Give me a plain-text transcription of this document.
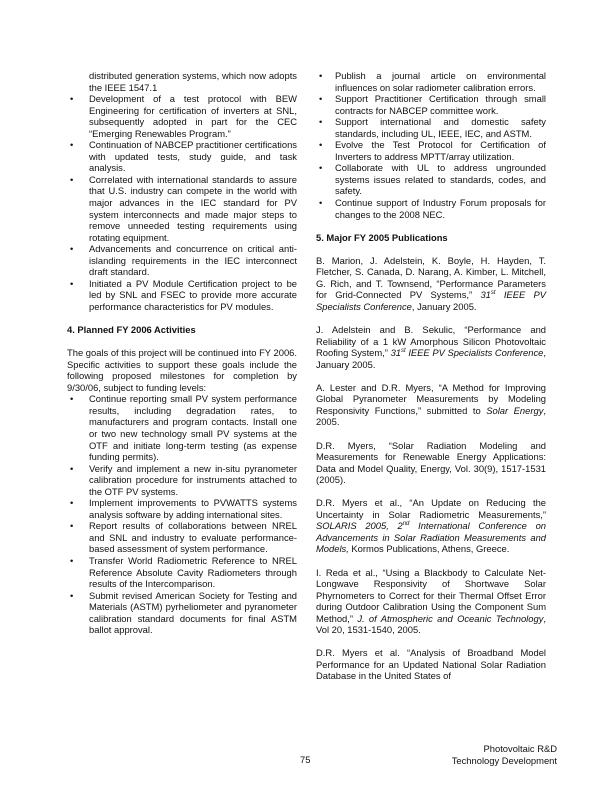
distributed generation systems, which now adopts the IEEE 1547.1

• Development of a test protocol with BEW Engineering for certification of inverters at SNL, subsequently adopted in part for the CEC “Emerging Renewables Program.”
• Continuation of NABCEP practitioner certifications with updated tests, study guide, and task analysis.
• Correlated with international standards to assure that U.S. industry can compete in the world with major advances in the IEC standard for PV system interconnects and made major steps to remove unneeded testing requirements using rotating equipment.
• Advancements and concurrence on critical anti-islanding requirements in the IEC interconnect draft standard.
• Initiated a PV Module Certification project to be led by SNL and FSEC to provide more accurate performance characteristics for PV modules.
4. Planned FY 2006 Activities

The goals of this project will be continued into FY 2006. Specific activities to support these goals include the following proposed milestones for completion by 9/30/06, subject to funding levels:

• Continue reporting small PV system performance results, including degradation rates, to manufacturers and program contacts. Install one or two new technology small PV systems at the OTF and initiate long-term testing (as expense funding permits).
• Verify and implement a new in-situ pyranometer calibration procedure for instruments attached to the OTF PV systems.
• Implement improvements to PVWATTS systems analysis software by adding international sites.
• Report results of collaborations between NREL and SNL and industry to evaluate performance-based assessment of system performance.
• Transfer World Radiometric Reference to NREL Reference Absolute Cavity Radiometers through results of the Intercomparison.
• Submit revised American Society for Testing and Materials (ASTM) pyrheliometer and pyranometer calibration standard documents for final ASTM ballot approval.
• Publish a journal article on environmental influences on solar radiometer calibration errors.
• Support Practitioner Certification through small contracts for NABCEP committee work.
• Support international and domestic safety standards, including UL, IEEE, IEC, and ASTM.
• Evolve the Test Protocol for Certification of Inverters to address MPTT/array utilization.
• Collaborate with UL to address ungrounded systems issues related to standards, codes, and safety.
• Continue support of Industry Forum proposals for changes to the 2008 NEC.
5. Major FY 2005 Publications

B. Marion, J. Adelstein, K. Boyle, H. Hayden, T. Fletcher, S. Canada, D. Narang, A. Kimber, L. Mitchell, G. Rich, and T. Townsend, “Performance Parameters for Grid-Connected PV Systems,” 31st IEEE PV Specialists Conference, January 2005.

J. Adelstein and B. Sekulic, “Performance and Reliability of a 1 kW Amorphous Silicon Photovoltaic Roofing System,” 31st IEEE PV Specialists Conference, January 2005.

A. Lester and D.R. Myers, “A Method for Improving Global Pyranometer Measurements by Modeling Responsivity Functions,” submitted to Solar Energy, 2005.

D.R. Myers, “Solar Radiation Modeling and Measurements for Renewable Energy Applications: Data and Model Quality, Energy, Vol. 30(9), 1517-1531 (2005).

D.R. Myers et al., “An Update on Reducing the Uncertainty in Solar Radiometric Measurements,” SOLARIS 2005, 2nd International Conference on Advancements in Solar Radiation Measurements and Models, Kormos Publications, Athens, Greece.

I. Reda et al., “Using a Blackbody to Calculate Net-Longwave Responsivity of Shortwave Solar Phyrnometers to Correct for their Thermal Offset Error during Outdoor Calibration Using the Component Sum Method,” J. of Atmospheric and Oceanic Technology, Vol 20, 1531-1540, 2005.

D.R. Myers et al. “Analysis of Broadband Model Performance for an Updated National Solar Radiation Database in the United States of

75
Photovoltaic R&D
Technology Development
